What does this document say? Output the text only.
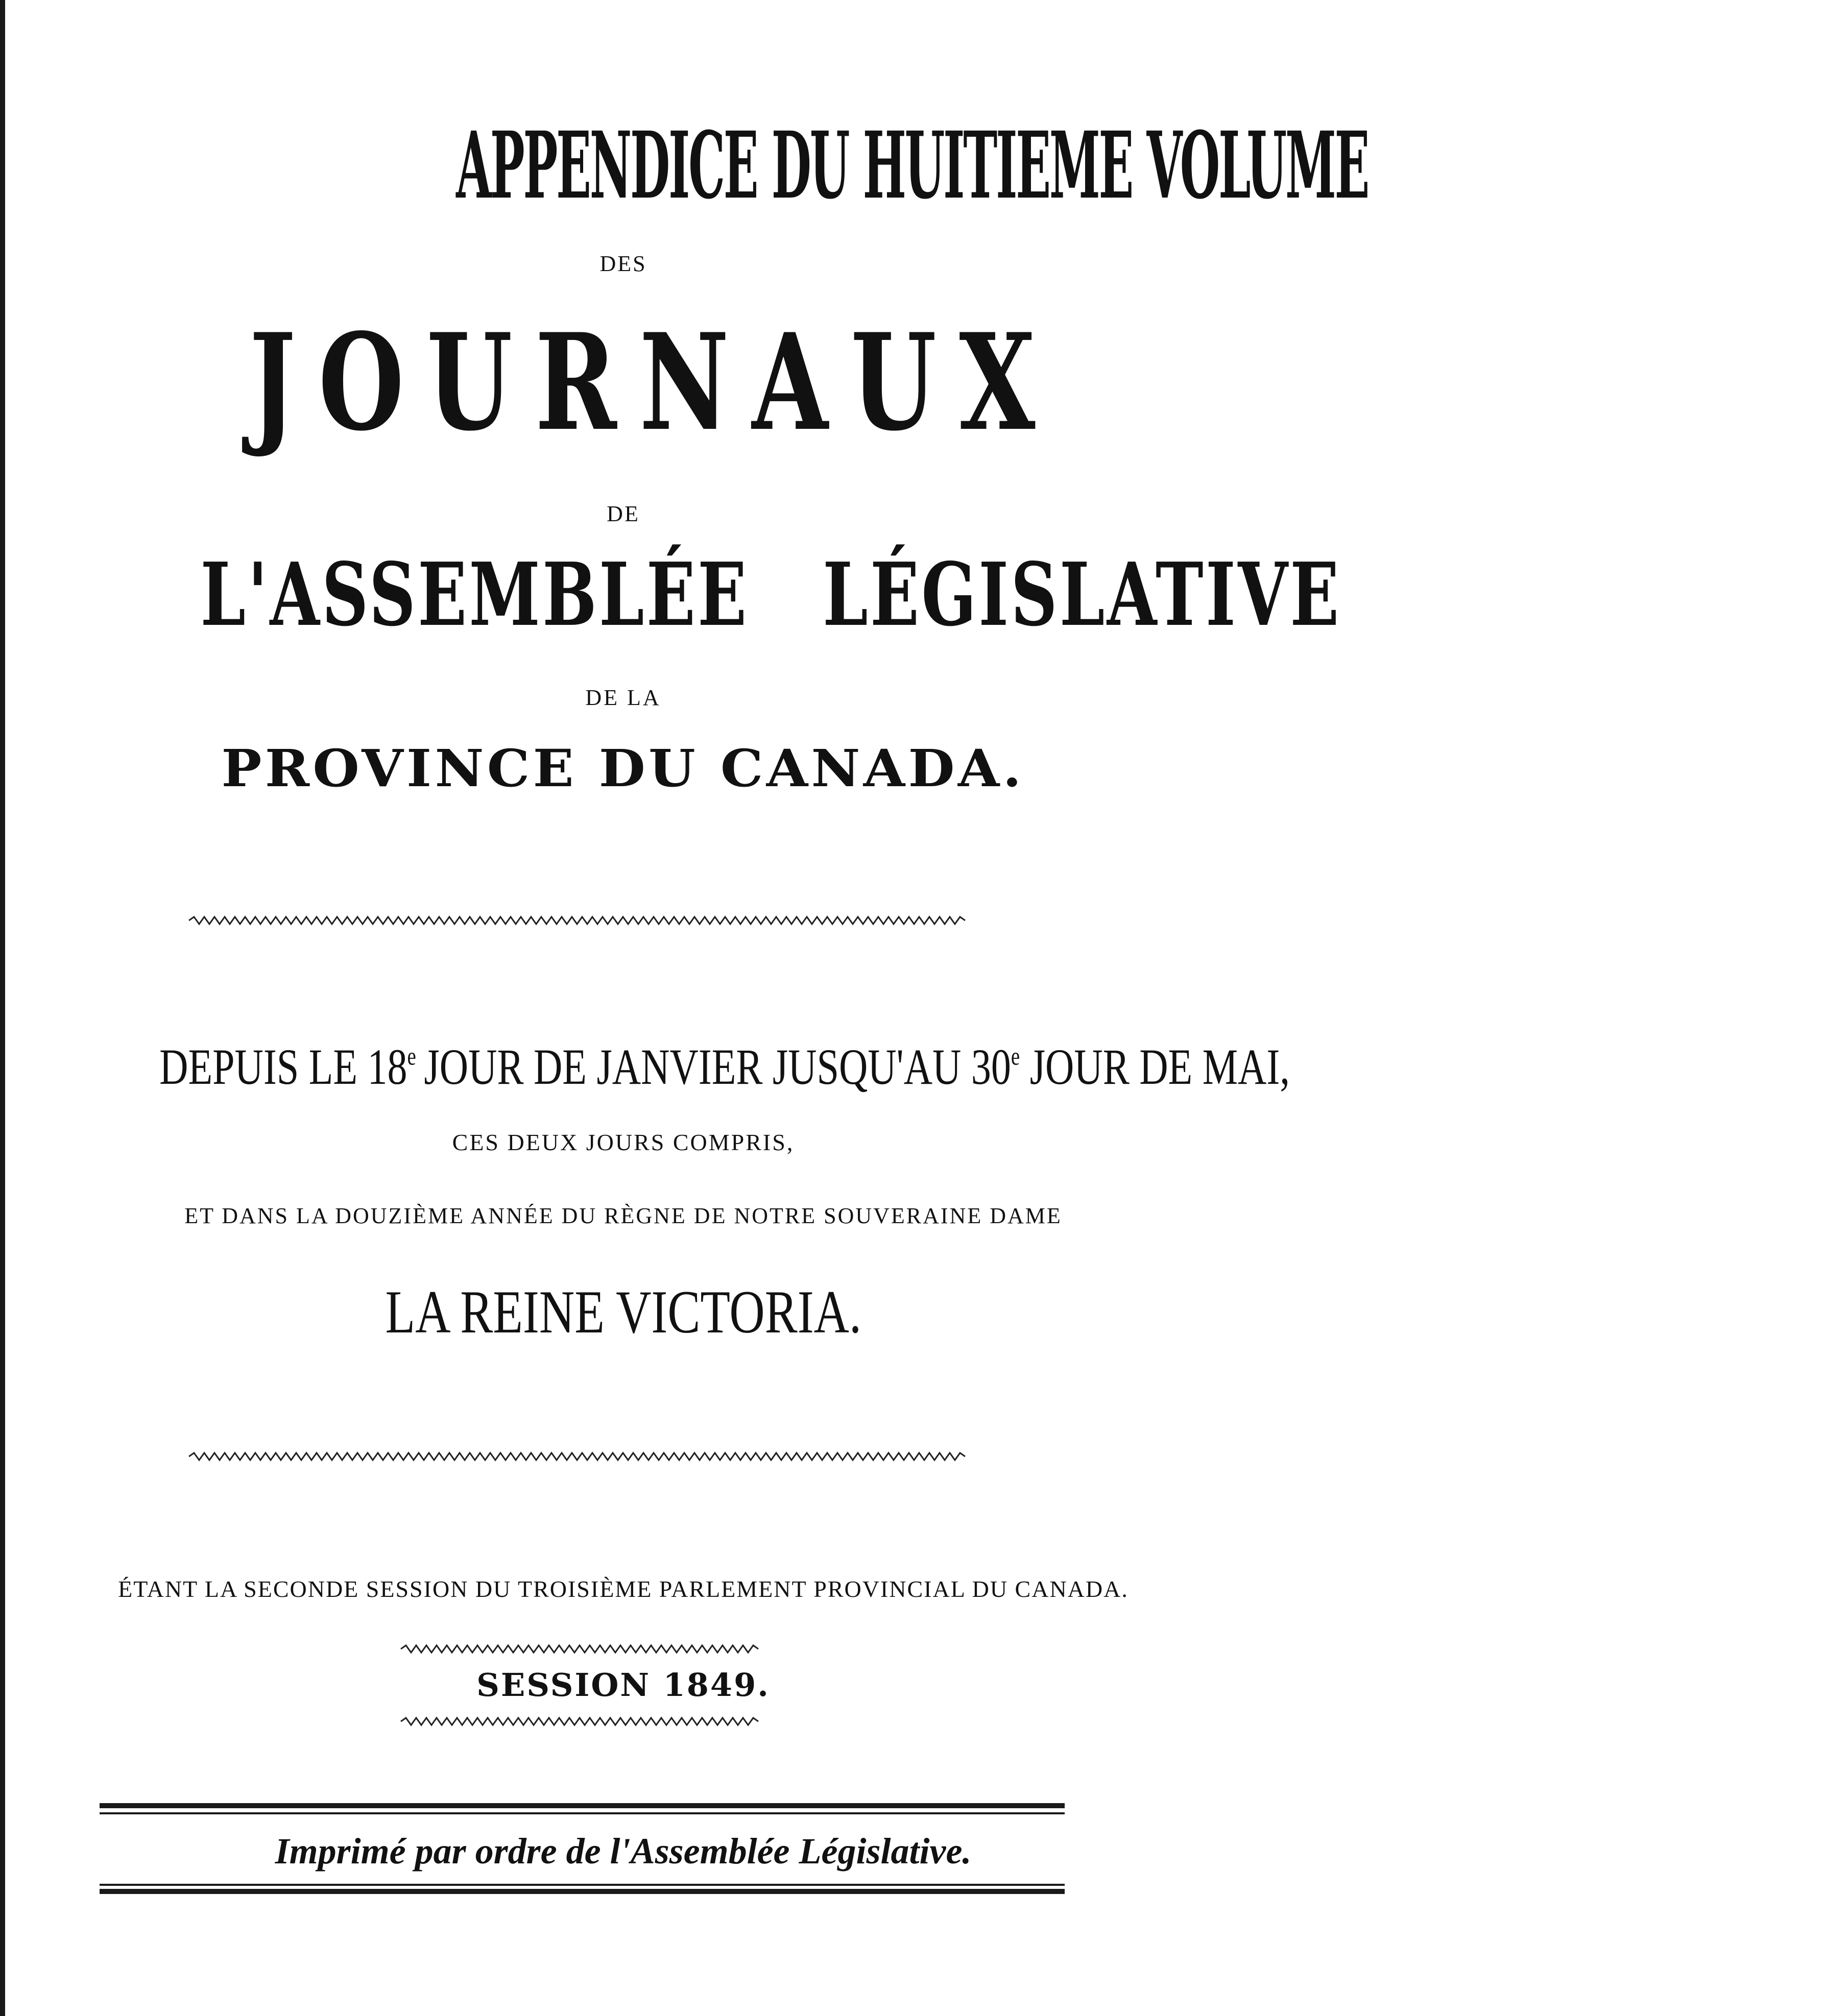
APPENDICE DU HUITIEME VOLUME
DES
JOURNAUX
DE
L'ASSEMBLÉE   LÉGISLATIVE
DE LA
PROVINCE DU CANADA.
DEPUIS LE 18e JOUR DE JANVIER JUSQU'AU 30e JOUR DE MAI,
CES DEUX JOURS COMPRIS,
ET DANS LA DOUZIÈME ANNÉE DU RÈGNE DE NOTRE SOUVERAINE DAME
LA REINE VICTORIA.
ÉTANT LA SECONDE SESSION DU TROISIÈME PARLEMENT PROVINCIAL DU CANADA.
SESSION 1849.
Imprimé par ordre de l'Assemblée Législative.
